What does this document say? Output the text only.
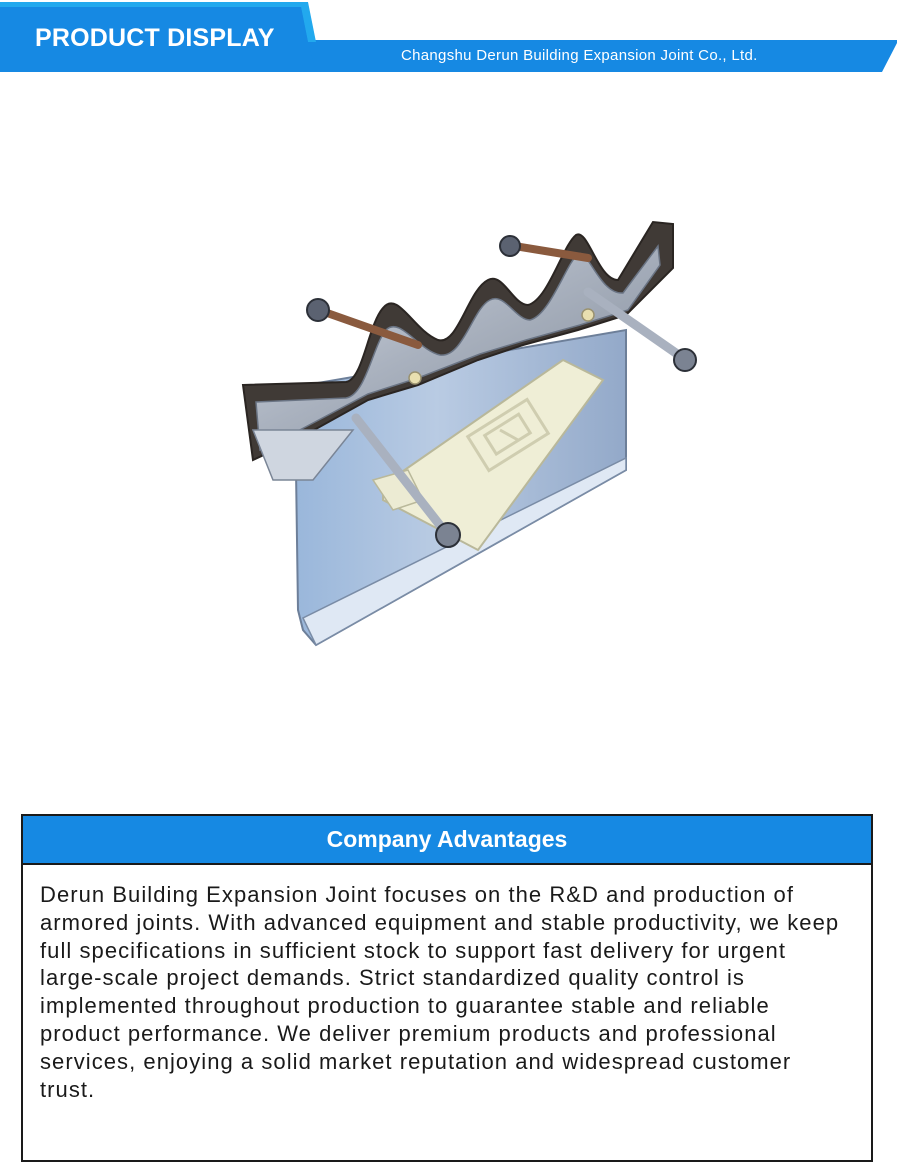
PRODUCT DISPLAY
Changshu Derun Building Expansion Joint Co., Ltd.
Company Advantages
Derun Building Expansion Joint focuses on the R&D and production of armored joints. With advanced equipment and stable productivity, we keep full specifications in sufficient stock to support fast delivery for urgent large-scale project demands. Strict standardized quality control is implemented throughout production to guarantee stable and reliable product performance. We deliver premium products and professional services, enjoying a solid market reputation and widespread customer trust.
